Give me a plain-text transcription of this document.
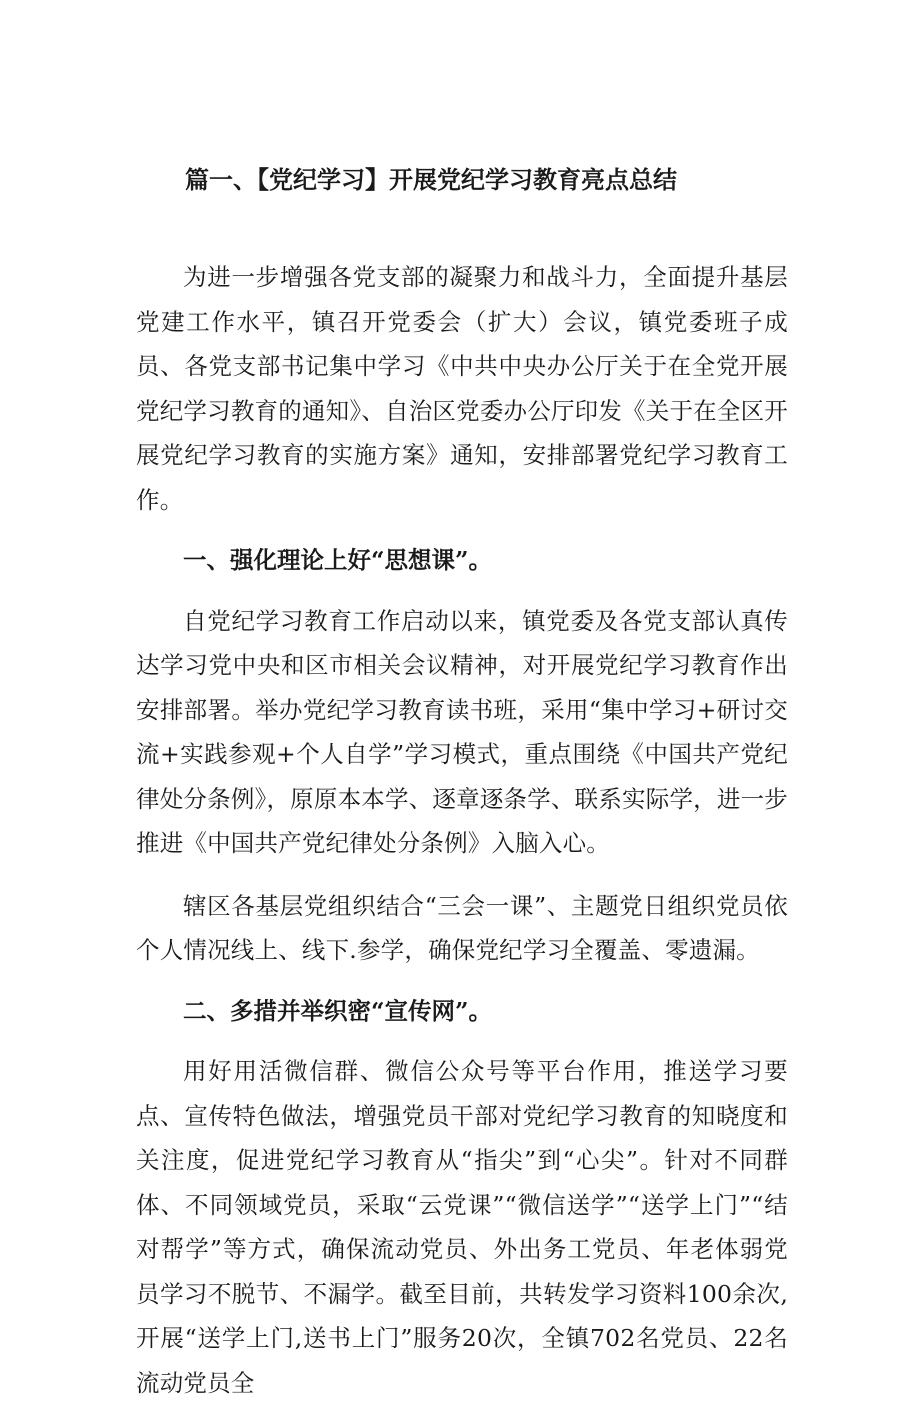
篇一、【党纪学习】开展党纪学习教育亮点总结

为进一步增强各党支部的凝聚力和战斗力，全面提升基层党建工作水平，镇召开党委会（扩大）会议，镇党委班子成员、各党支部书记集中学习《中共中央办公厅关于在全党开展党纪学习教育的通知》、自治区党委办公厅印发《关于在全区开展党纪学习教育的实施方案》通知，安排部署党纪学习教育工作。

一、强化理论上好“思想课”。

自党纪学习教育工作启动以来，镇党委及各党支部认真传达学习党中央和区市相关会议精神，对开展党纪学习教育作出安排部署。举办党纪学习教育读书班，采用“集中学习+研讨交流+实践参观+个人自学”学习模式，重点围绕《中国共产党纪律处分条例》，原原本本学、逐章逐条学、联系实际学，进一步推进《中国共产党纪律处分条例》入脑入心。

辖区各基层党组织结合“三会一课”、主题党日组织党员依个人情况线上、线下.参学，确保党纪学习全覆盖、零遗漏。

二、多措并举织密“宣传网”。

用好用活微信群、微信公众号等平台作用，推送学习要点、宣传特色做法，增强党员干部对党纪学习教育的知晓度和关注度，促进党纪学习教育从“指尖”到“心尖”。针对不同群体、不同领域党员，采取“云党课”“微信送学”“送学上门”“结对帮学”等方式，确保流动党员、外出务工党员、年老体弱党员学习不脱节、不漏学。截至目前，共转发学习资料100余次,开展“送学上门,送书上门”服务20次，全镇702名党员、22名流动党员全
